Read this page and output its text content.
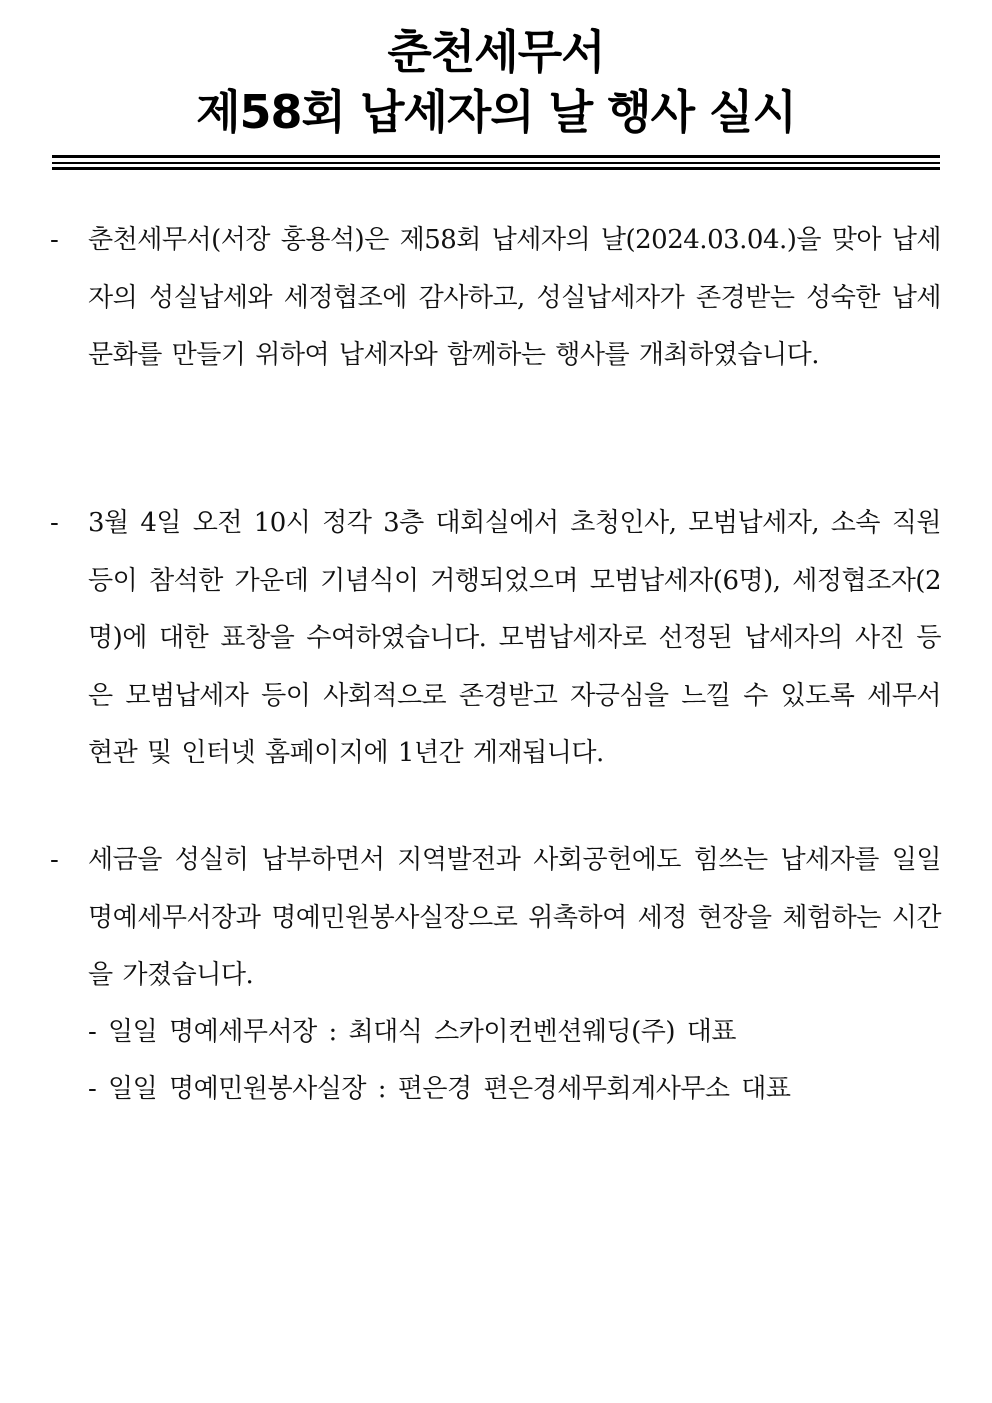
춘천세무서
제58회 납세자의 날 행사 실시
- 춘천세무서(서장 홍용석)은 제58회 납세자의 날(2024.03.04.)을 맞아 납세자의 성실납세와 세정협조에 감사하고, 성실납세자가 존경받는 성숙한 납세문화를 만들기 위하여 납세자와 함께하는 행사를 개최하였습니다.
- 3월 4일 오전 10시 정각 3층 대회실에서 초청인사, 모범납세자, 소속 직원 등이 참석한 가운데 기념식이 거행되었으며 모범납세자(6명), 세정협조자(2명)에 대한 표창을 수여하였습니다. 모범납세자로 선정된 납세자의 사진 등은 모범납세자 등이 사회적으로 존경받고 자긍심을 느낄 수 있도록 세무서 현관 및 인터넷 홈페이지에 1년간 게재됩니다.
- 세금을 성실히 납부하면서 지역발전과 사회공헌에도 힘쓰는 납세자를 일일 명예세무서장과 명예민원봉사실장으로 위촉하여 세정 현장을 체험하는 시간을 가졌습니다.
- 일일 명예세무서장 : 최대식 스카이컨벤션웨딩(주) 대표
- 일일 명예민원봉사실장 : 편은경 편은경세무회계사무소 대표
